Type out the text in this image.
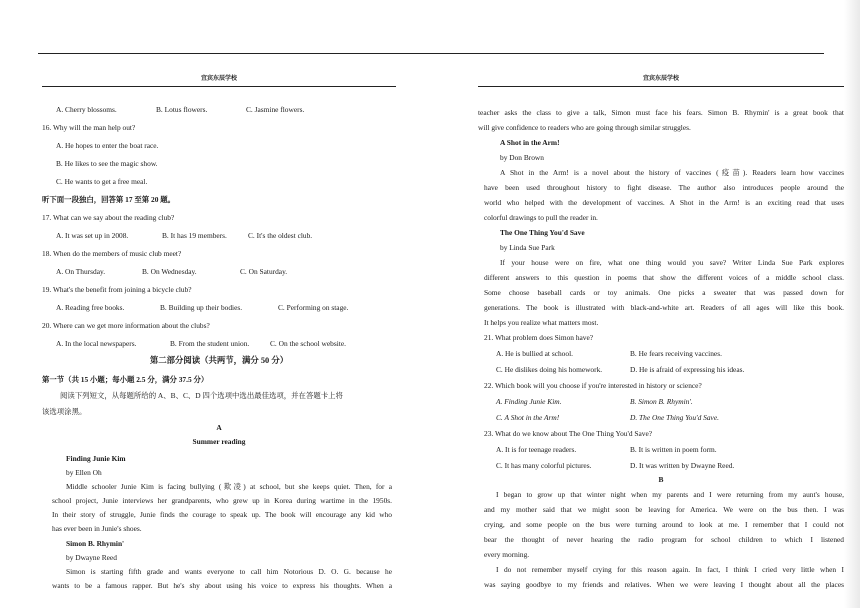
宜宾东辰学校
A. Cherry blossoms.	B. Lotus flowers.	C. Jasmine flowers.
16. Why will the man help out?
A. He hopes to enter the boat race.
B. He likes to see the magic show.
C. He wants to get a free meal.
听下面一段独白，回答第 17 至第 20 题。
17. What can we say about the reading club?
A. It was set up in 2008.	B. It has 19 members.	C. It's the oldest club.
18. When do the members of music club meet?
A. On Thursday.	B. On Wednesday.	C. On Saturday.
19. What's the benefit from joining a bicycle club?
A. Reading free books.	B. Building up their bodies.	C. Performing on stage.
20. Where can we get more information about the clubs?
A. In the local newspapers.	B. From the student union.	C. On the school website.
第二部分阅读（共两节，满分 50 分）
第一节（共 15 小题；每小题 2.5 分，满分 37.5 分）
阅读下列短文，从每题所给的 A、B、C、D 四个选项中选出最佳选项，并在答题卡上将
该选项涂黑。
A
Summer reading
Finding Junie Kim
by Ellen Oh
Middle schooler Junie Kim is facing bullying (欺凌) at school, but she keeps quiet. Then, for a
school project, Junie interviews her grandparents, who grew up in Korea during wartime in the 1950s.
In their story of struggle, Junie finds the courage to speak up. The book will encourage any kid who
has ever been in Junie's shoes.
Simon B. Rhymin'
by Dwayne Reed
Simon is starting fifth grade and wants everyone to call him Notorious D. O. G. because he
wants to be a famous rapper. But he's shy about using his voice to express his thoughts. When a
宜宾东辰学校
teacher asks the class to give a talk, Simon must face his fears. Simon B. Rhymin' is a great book that
will give confidence to readers who are going through similar struggles.
A Shot in the Arm!
by Don Brown
A Shot in the Arm! is a novel about the history of vaccines (疫苗). Readers learn how vaccines
have been used throughout history to fight disease. The author also introduces people around the
world who helped with the development of vaccines. A Shot in the Arm! is an exciting read that uses
colorful drawings to pull the reader in.
The One Thing You'd Save
by Linda Sue Park
If your house were on fire, what one thing would you save? Writer Linda Sue Park explores
different answers to this question in poems that show the different voices of a middle school class.
Some choose baseball cards or toy animals. One picks a sweater that was passed down for
generations. The book is illustrated with black-and-white art. Readers of all ages will like this book.
It helps you realize what matters most.
21. What problem does Simon have?
A. He is bullied at school.	B. He fears receiving vaccines.
C. He dislikes doing his homework.	D. He is afraid of expressing his ideas.
22. Which book will you choose if you're interested in history or science?
A. Finding Junie Kim.	B. Simon B. Rhymin'.
C. A Shot in the Arm!	D. The One Thing You'd Save.
23. What do we know about The One Thing You'd Save?
A. It is for teenage readers.	B. It is written in poem form.
C. It has many colorful pictures.	D. It was written by Dwayne Reed.
B
I began to grow up that winter night when my parents and I were returning from my aunt's house,
and my mother said that we might soon be leaving for America. We were on the bus then. I was
crying, and some people on the bus were turning around to look at me. I remember that I could not
bear the thought of never hearing the radio program for school children to which I listened
every morning.
I do not remember myself crying for this reason again. In fact, I think I cried very little when I
was saying goodbye to my friends and relatives. When we were leaving I thought about all the places
